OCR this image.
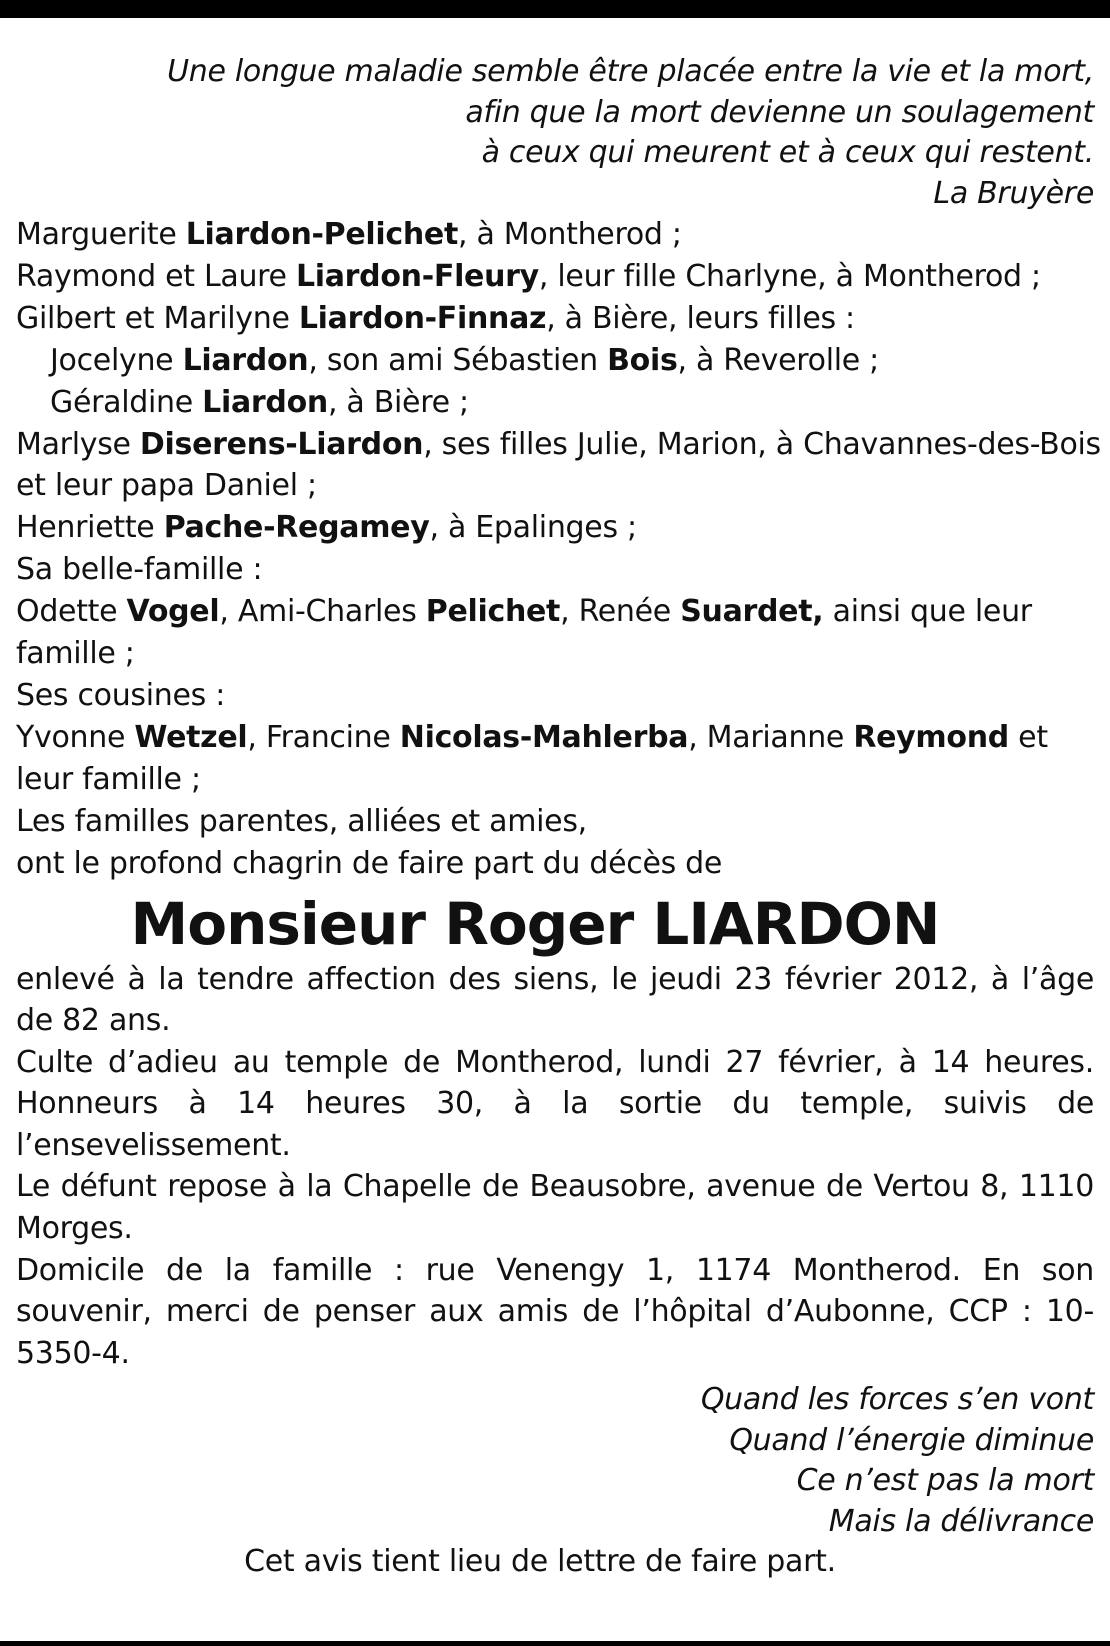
Une longue maladie semble être placée entre la vie et la mort,
afin que la mort devienne un soulagement
à ceux qui meurent et à ceux qui restent.
La Bruyère
Marguerite Liardon-Pelichet, à Montherod ;
Raymond et Laure Liardon-Fleury, leur fille Charlyne, à Montherod ;
Gilbert et Marilyne Liardon-Finnaz, à Bière, leurs filles :
Jocelyne Liardon, son ami Sébastien Bois, à Reverolle ;
Géraldine Liardon, à Bière ;
Marlyse Diserens-Liardon, ses filles Julie, Marion, à Chavannes-des-Bois
et leur papa Daniel ;
Henriette Pache-Regamey, à Epalinges ;
Sa belle-famille :
Odette Vogel, Ami-Charles Pelichet, Renée Suardet, ainsi que leur
famille ;
Ses cousines :
Yvonne Wetzel, Francine Nicolas-Mahlerba, Marianne Reymond et
leur famille ;
Les familles parentes, alliées et amies,
ont le profond chagrin de faire part du décès de
Monsieur Roger LIARDON
enlevé à la tendre affection des siens, le jeudi 23 février 2012, à l’âge de 82 ans.
Culte d’adieu au temple de Montherod, lundi 27 février, à 14 heures. Honneurs à 14 heures 30, à la sortie du temple, suivis de l’ensevelissement.
Le défunt repose à la Chapelle de Beausobre, avenue de Vertou 8, 1110 Morges.
Domicile de la famille : rue Venengy 1, 1174 Montherod. En son souvenir, merci de penser aux amis de l’hôpital d’Aubonne, CCP : 10-5350-4.
Quand les forces s’en vont
Quand l’énergie diminue
Ce n’est pas la mort
Mais la délivrance
Cet avis tient lieu de lettre de faire part.
